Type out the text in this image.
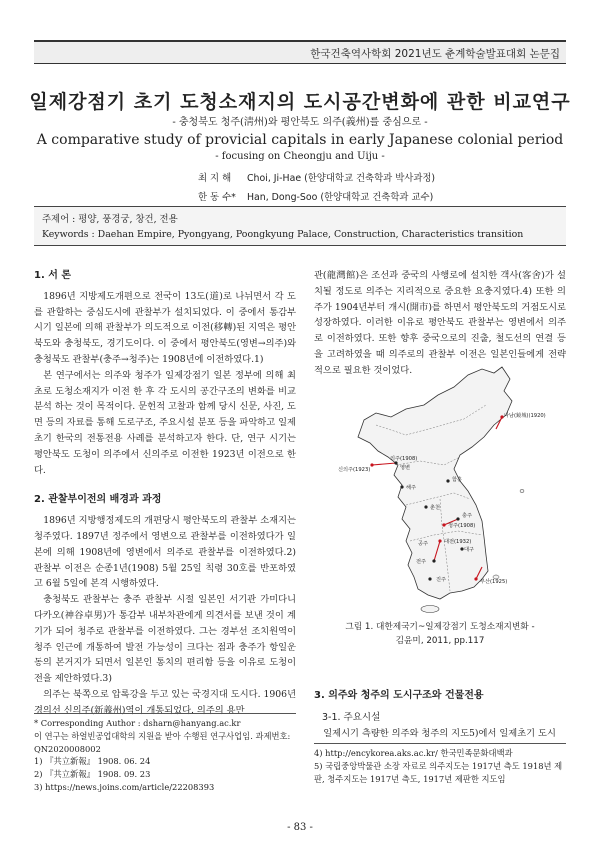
한국건축역사학회 2021년도 춘계학술발표대회 논문집
일제강점기 초기 도청소재지의 도시공간변화에 관한 비교연구
- 충청북도 청주(淸州)와 평안북도 의주(義州)를 중심으로 -
A comparative study of provicial capitals in early Japanese colonial period
- focusing on Cheongju and Uiju -
최 지 해 Choi, Ji-Hae (한양대학교 건축학과 박사과정)
한 동 수* Han, Dong-Soo (한양대학교 건축학과 교수)
주제어 : 평양, 풍경궁, 창건, 전용
Keywords : Daehan Empire, Pyongyang, Poongkyung Palace, Construction, Characteristics transition
1. 서 론

1896년 지방제도개편으로 전국이 13도(道)로 나뉘면서 각 도를 관할하는 중심도시에 관찰부가 설치되었다. 이 중에서 통감부 시기 일본에 의해 관찰부가 의도적으로 이전(移轉)된 지역은 평안북도와 충청북도, 경기도이다. 이 중에서 평안북도(영변→의주)와 충청북도 관찰부(충주→청주)는 1908년에 이전하였다.1)

본 연구에서는 의주와 청주가 일제강점기 일본 정부에 의해 최초로 도청소재지가 이전 한 후 각 도시의 공간구조의 변화를 비교분석 하는 것이 목적이다. 문헌적 고찰과 함께 당시 신문, 사진, 도면 등의 자료를 통해 도로구조, 주요시설 분포 등을 파악하고 일제 초기 한국의 전통전용 사례를 분석하고자 한다. 단, 연구 시기는 평안북도 도청이 의주에서 신의주로 이전한 1923년 이전으로 한다.

2. 관찰부이전의 배경과 과정

1896년 지방행정제도의 개편당시 평안북도의 관찰부 소재지는 청주였다. 1897년 정주에서 영변으로 관찰부를 이전하였다가 일본에 의해 1908년에 영변에서 의주로 관찰부를 이전하였다.2) 관찰부 이전은 순종1년(1908) 5월 25일 칙령 30호를 반포하였고 6월 5일에 본격 시행하였다.

충청북도 관찰부는 충주 관찰부 시절 일본인 서기관 가미다니 다카오(神谷卓男)가 통감부 내부차관에게 의견서를 보낸 것이 계기가 되어 청주로 관찰부를 이전하였다. 그는 경부선 조치원역이 청주 인근에 개통하여 발전 가능성이 크다는 점과 충주가 항일운동의 본거지가 되면서 일본인 통치의 편리함 등을 이유로 도청이전을 제안하였다.3)

의주는 북쪽으로 압록강을 두고 있는 국경지대 도시다. 1906년 경의선 신의주(新義州)역이 개통되었다. 의주의 용만

관(龍灣館)은 조선과 중국의 사행로에 설치한 객사(客舍)가 설치될 정도로 의주는 지리적으로 중요한 요충지였다.4) 또한 의주가 1904년부터 개시(開市)를 하면서 평안북도의 거점도시로 성장하였다. 이러한 이유로 평안북도 관찰부는 영변에서 의주로 이전하였다. 또한 향후 중국으로의 진출, 철도선의 연결 등을 고려하였을 때 의주로의 관찰부 이전은 일본인들에게 전략적으로 필요한 것이었다.

나남(鏡城)(1920)
의주(1908)
신의주(1923)	영변
함흥
해주
춘천
충주
청주(1908)
공주	대전(1932)
대구
전주
진주	부산(1925)
그림 1. 대한제국기~일제강점기 도청소재지변화 -
김윤미, 2011, pp.117
3. 의주와 청주의 도시구조와 건물전용
3-1. 주요시설

일제시기 측량한 의주와 청주의 지도5)에서 일제초기 도시

* Corresponding Author : dsharn@hanyang.ac.kr
이 연구는 하얼빈공업대학의 지원을 받아 수행된 연구사업임. 과제번호: QN2020008002
1) 『共立新報』 1908. 06. 24
2) 『共立新報』 1908. 09. 23
3) https://news.joins.com/article/22208393
4) http://encykorea.aks.ac.kr/ 한국민족문화대백과
5) 국립중앙박물관 소장 자료로 의주지도는 1917년 측도 1918년 제판, 청주지도는 1917년 측도, 1917년 제판한 지도임
- 83 -
